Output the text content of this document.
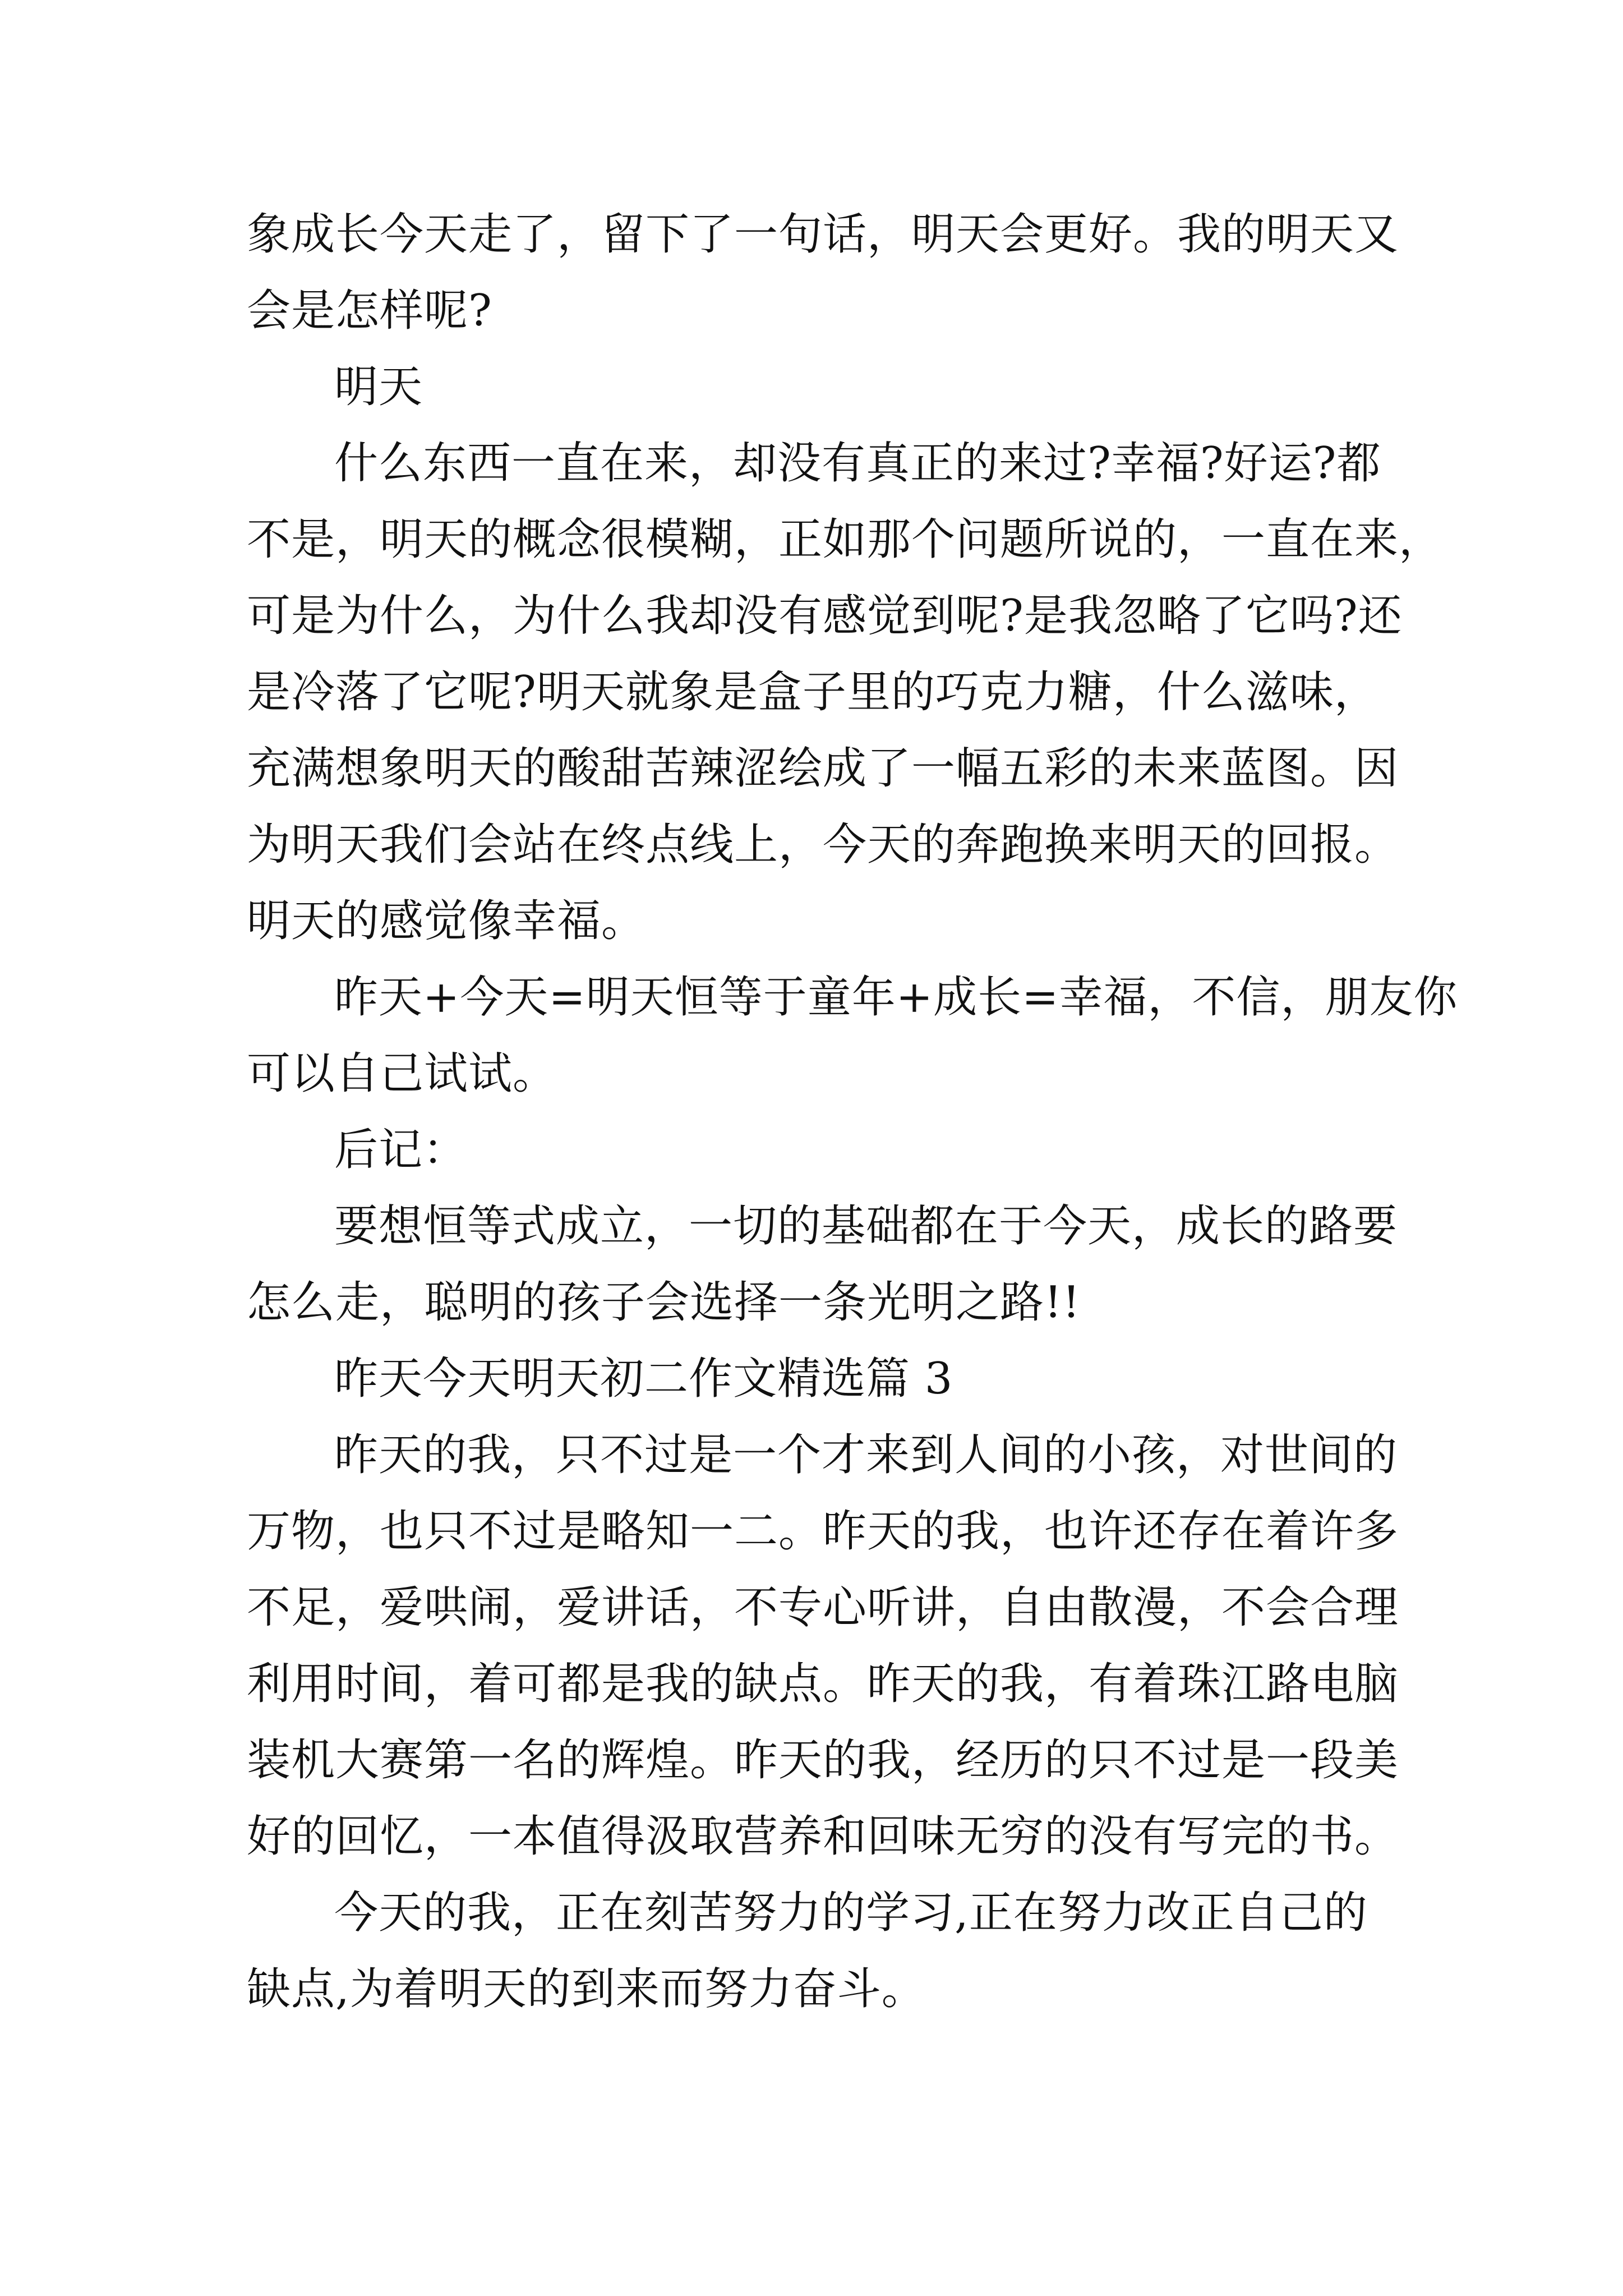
象成长今天走了，留下了一句话，明天会更好。我的明天又
会是怎样呢?
明天
什么东西一直在来，却没有真正的来过?幸福?好运?都
不是，明天的概念很模糊，正如那个问题所说的，一直在来，
可是为什么，为什么我却没有感觉到呢?是我忽略了它吗?还
是冷落了它呢?明天就象是盒子里的巧克力糖，什么滋味，
充满想象明天的酸甜苦辣涩绘成了一幅五彩的未来蓝图。因
为明天我们会站在终点线上，今天的奔跑换来明天的回报。
明天的感觉像幸福。
昨天+今天=明天恒等于童年+成长=幸福，不信，朋友你
可以自己试试。
后记：
要想恒等式成立，一切的基础都在于今天，成长的路要
怎么走，聪明的孩子会选择一条光明之路!!
昨天今天明天初二作文精选篇 3
昨天的我，只不过是一个才来到人间的小孩，对世间的
万物，也只不过是略知一二。昨天的我，也许还存在着许多
不足，爱哄闹，爱讲话，不专心听讲，自由散漫，不会合理
利用时间，着可都是我的缺点。昨天的我，有着珠江路电脑
装机大赛第一名的辉煌。昨天的我，经历的只不过是一段美
好的回忆，一本值得汲取营养和回味无穷的没有写完的书。
今天的我，正在刻苦努力的学习,正在努力改正自己的
缺点,为着明天的到来而努力奋斗。
